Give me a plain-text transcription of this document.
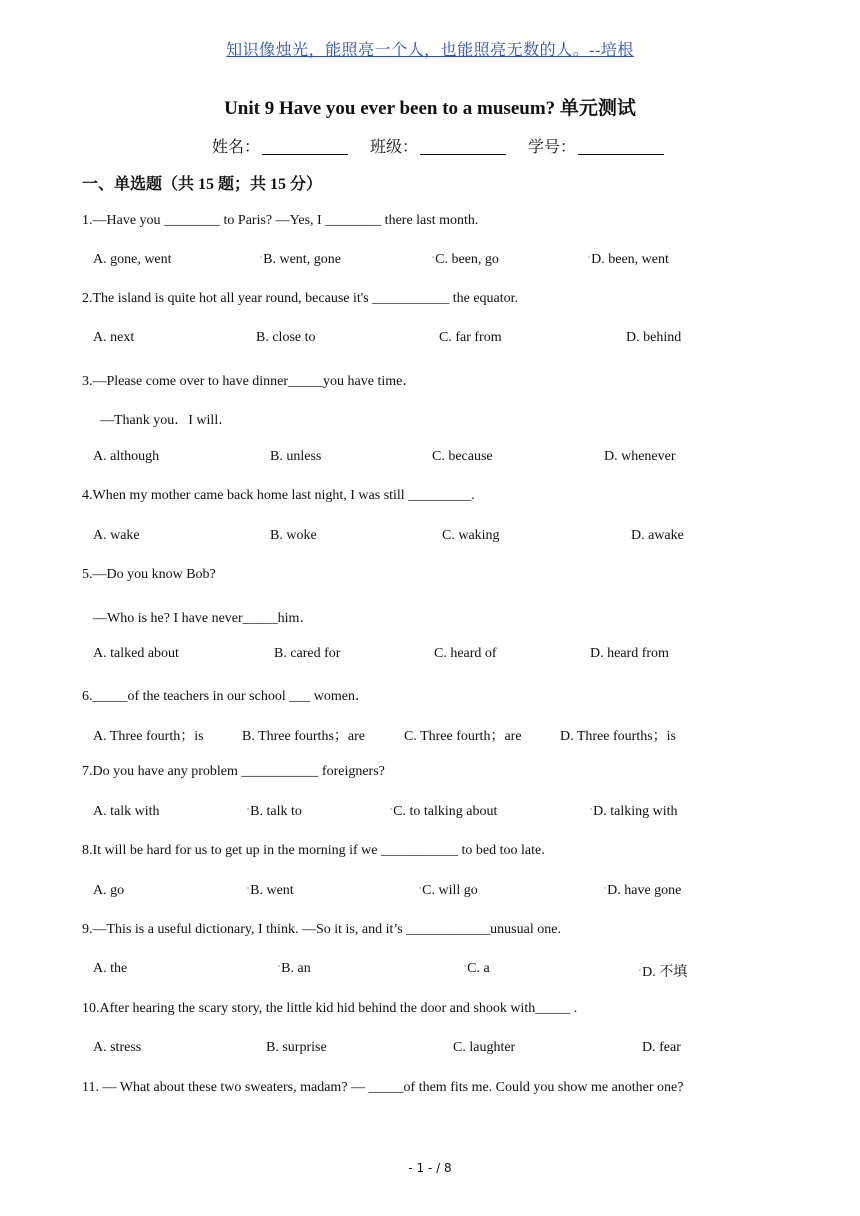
知识像烛光，能照亮一个人，也能照亮无数的人。--培根
Unit 9 Have you ever been to a museum? 单元测试
姓名：	班级：	学号：
一、单选题（共 15 题；共 15 分）
1.—Have you ________ to Paris? —Yes, I ________ there last month.
A. gone, went	▫B. went, gone	▫C. been, go	▫D. been, went
2.The island is quite hot all year round, because it's ___________ the equator.
A. next	B. close to	C. far from	D. behind
3.—Please come over to have dinner_____you have time．
—Thank you．I will．
A. although	B. unless	C. because	D. whenever
4.When my mother came back home last night, I was still _________.
A. wake	B. woke	C. waking	D. awake
5.—Do you know Bob?
—Who is he? I have never_____him．
A. talked about	B. cared for	C. heard of	D. heard from
6._____of the teachers in our school ___ women．
A. Three fourth；is	B. Three fourths；are	C. Three fourth；are	D. Three fourths；is
7.Do you have any problem ___________ foreigners?
A. talk with	▫B. talk to	▫C. to talking about	▫D. talking with
8.It will be hard for us to get up in the morning if we ___________ to bed too late.
A. go	▫B. went	▫C. will go	▫D. have gone
9.—This is a useful dictionary, I think. —So it is, and it’s ____________unusual one.
A. the	▫B. an	▫C. a	▫D. 不填
10.After hearing the scary story, the little kid hid behind the door and shook with_____ .
A. stress	B. surprise	C. laughter	D. fear
11. — What about these two sweaters, madam? — _____of them fits me. Could you show me another one?
- 1 - / 8
